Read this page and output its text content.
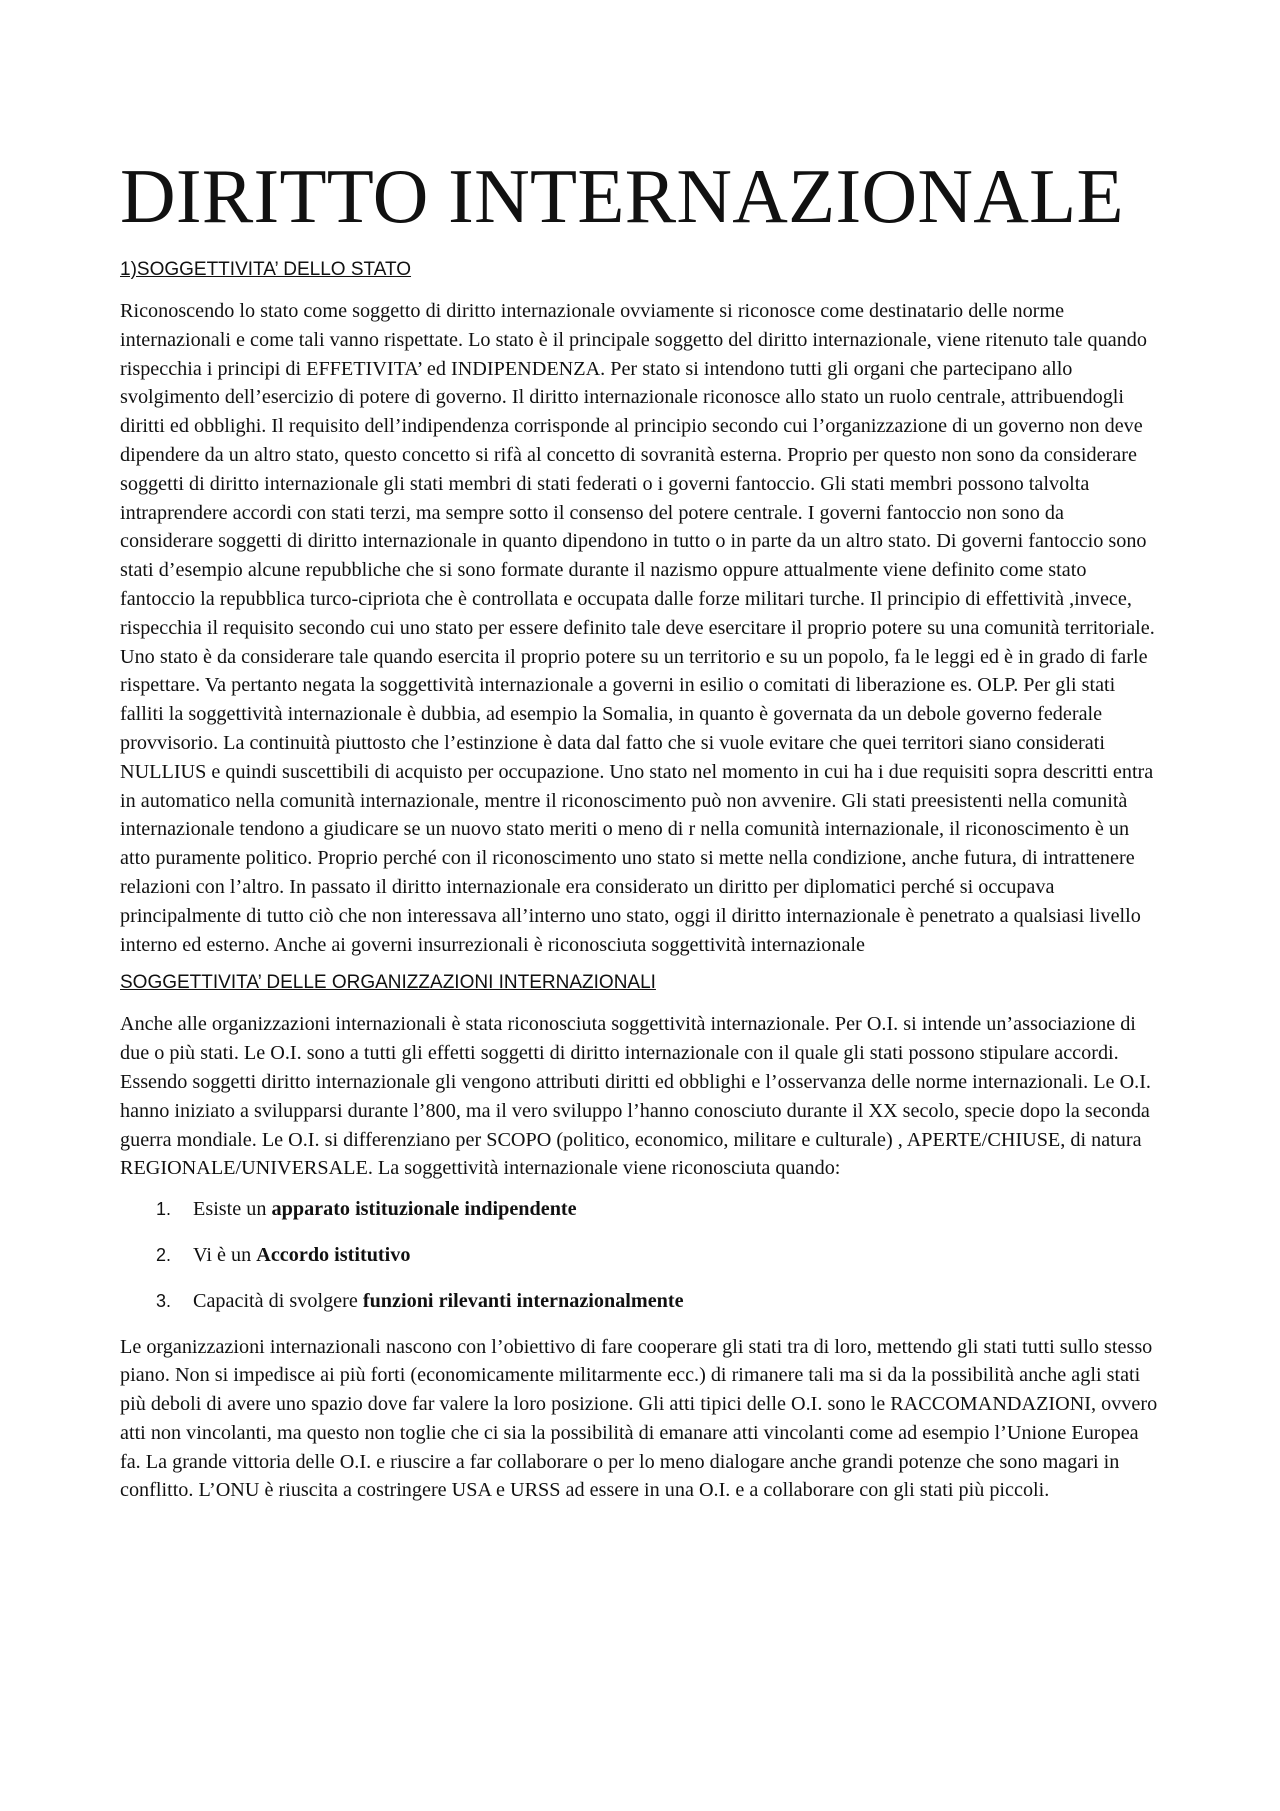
DIRITTO INTERNAZIONALE
1)SOGGETTIVITA’ DELLO STATO

Riconoscendo lo stato come soggetto di diritto internazionale ovviamente si riconosce come destinatario delle norme internazionali e come tali vanno rispettate. Lo stato è il principale soggetto del diritto internazionale, viene ritenuto tale quando rispecchia i principi di EFFETIVITA’ ed INDIPENDENZA. Per stato si intendono tutti gli organi che partecipano allo svolgimento dell’esercizio di potere di governo. Il diritto internazionale riconosce allo stato un ruolo centrale, attribuendogli diritti ed obblighi. Il requisito dell’indipendenza corrisponde al principio secondo cui l’organizzazione di un governo non deve dipendere da un altro stato, questo concetto si rifà al concetto di sovranità esterna. Proprio per questo non sono da considerare soggetti di diritto internazionale gli stati membri di stati federati o i governi fantoccio. Gli stati membri possono talvolta intraprendere accordi con stati terzi, ma sempre sotto il consenso del potere centrale. I governi fantoccio non sono da considerare soggetti di diritto internazionale in quanto dipendono in tutto o in parte da un altro stato. Di governi fantoccio sono stati d’esempio alcune repubbliche che si sono formate durante il nazismo oppure attualmente viene definito come stato fantoccio la repubblica turco-cipriota che è controllata e occupata dalle forze militari turche. Il principio di effettività ,invece, rispecchia il requisito secondo cui uno stato per essere definito tale deve esercitare il proprio potere su una comunità territoriale. Uno stato è da considerare tale quando esercita il proprio potere su un territorio e su un popolo, fa le leggi ed è in grado di farle rispettare. Va pertanto negata la soggettività internazionale a governi in esilio o comitati di liberazione es. OLP. Per gli stati falliti la soggettività internazionale è dubbia, ad esempio la Somalia, in quanto è governata da un debole governo federale provvisorio. La continuità piuttosto che l’estinzione è data dal fatto che si vuole evitare che quei territori siano considerati NULLIUS e quindi suscettibili di acquisto per occupazione. Uno stato nel momento in cui ha i due requisiti sopra descritti entra in automatico nella comunità internazionale, mentre il riconoscimento può non avvenire. Gli stati preesistenti nella comunità internazionale tendono a giudicare se un nuovo stato meriti o meno di r nella comunità internazionale, il riconoscimento è un atto puramente politico. Proprio perché con il riconoscimento uno stato si mette nella condizione, anche futura, di intrattenere relazioni con l’altro. In passato il diritto internazionale era considerato un diritto per diplomatici perché si occupava principalmente di tutto ciò che non interessava all’interno uno stato, oggi il diritto internazionale è penetrato a qualsiasi livello interno ed esterno. Anche ai governi insurrezionali è riconosciuta soggettività internazionale

SOGGETTIVITA’ DELLE ORGANIZZAZIONI INTERNAZIONALI

Anche alle organizzazioni internazionali è stata riconosciuta soggettività internazionale. Per O.I. si intende un’associazione di due o più stati. Le O.I. sono a tutti gli effetti soggetti di diritto internazionale con il quale gli stati possono stipulare accordi. Essendo soggetti diritto internazionale gli vengono attributi diritti ed obblighi e l’osservanza delle norme internazionali. Le O.I. hanno iniziato a svilupparsi durante l’800, ma il vero sviluppo l’hanno conosciuto durante il XX secolo, specie dopo la seconda guerra mondiale. Le O.I. si differenziano per SCOPO (politico, economico, militare e culturale) , APERTE/CHIUSE, di natura REGIONALE/UNIVERSALE. La soggettività internazionale viene riconosciuta quando:

1.	Esiste un apparato istituzionale indipendente
2.	Vi è un Accordo istitutivo
3.	Capacità di svolgere funzioni rilevanti internazionalmente

Le organizzazioni internazionali nascono con l’obiettivo di fare cooperare gli stati tra di loro, mettendo gli stati tutti sullo stesso piano. Non si impedisce ai più forti (economicamente militarmente ecc.) di rimanere tali ma si da la possibilità anche agli stati più deboli di avere uno spazio dove far valere la loro posizione. Gli atti tipici delle O.I. sono le RACCOMANDAZIONI, ovvero atti non vincolanti, ma questo non toglie che ci sia la possibilità di emanare atti vincolanti come ad esempio l’Unione Europea fa. La grande vittoria delle O.I. e riuscire a far collaborare o per lo meno dialogare anche grandi potenze che sono magari in conflitto. L’ONU è riuscita a costringere USA e URSS ad essere in una O.I. e a collaborare con gli stati più piccoli.
